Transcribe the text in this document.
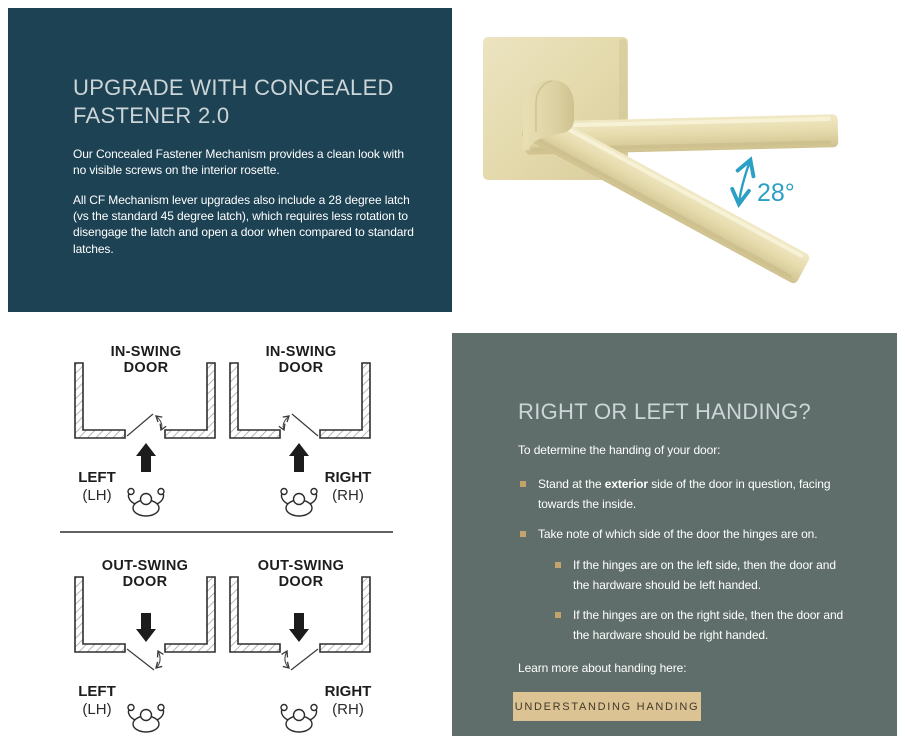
UPGRADE WITH CONCEALED FASTENER 2.0

Our Concealed Fastener Mechanism provides a clean look with no visible screws on the interior rosette.

All CF Mechanism lever upgrades also include a 28 degree latch (vs the standard 45 degree latch), which requires less rotation to disengage the latch and open a door when compared to standard latches.

28°
IN-SWING
DOOR
LEFT
(LH)
IN-SWING
DOOR
RIGHT
(RH)
OUT-SWING
DOOR
LEFT
(LH)
OUT-SWING
DOOR
RIGHT
(RH)
RIGHT OR LEFT HANDING?

To determine the handing of your door:

Stand at the exterior side of the door in question, facing towards the inside.
Take note of which side of the door the hinges are on.
If the hinges are on the left side, then the door and the hardware should be left handed.
If the hinges are on the right side, then the door and the hardware should be right handed.

Learn more about handing here:

UNDERSTANDING HANDING
